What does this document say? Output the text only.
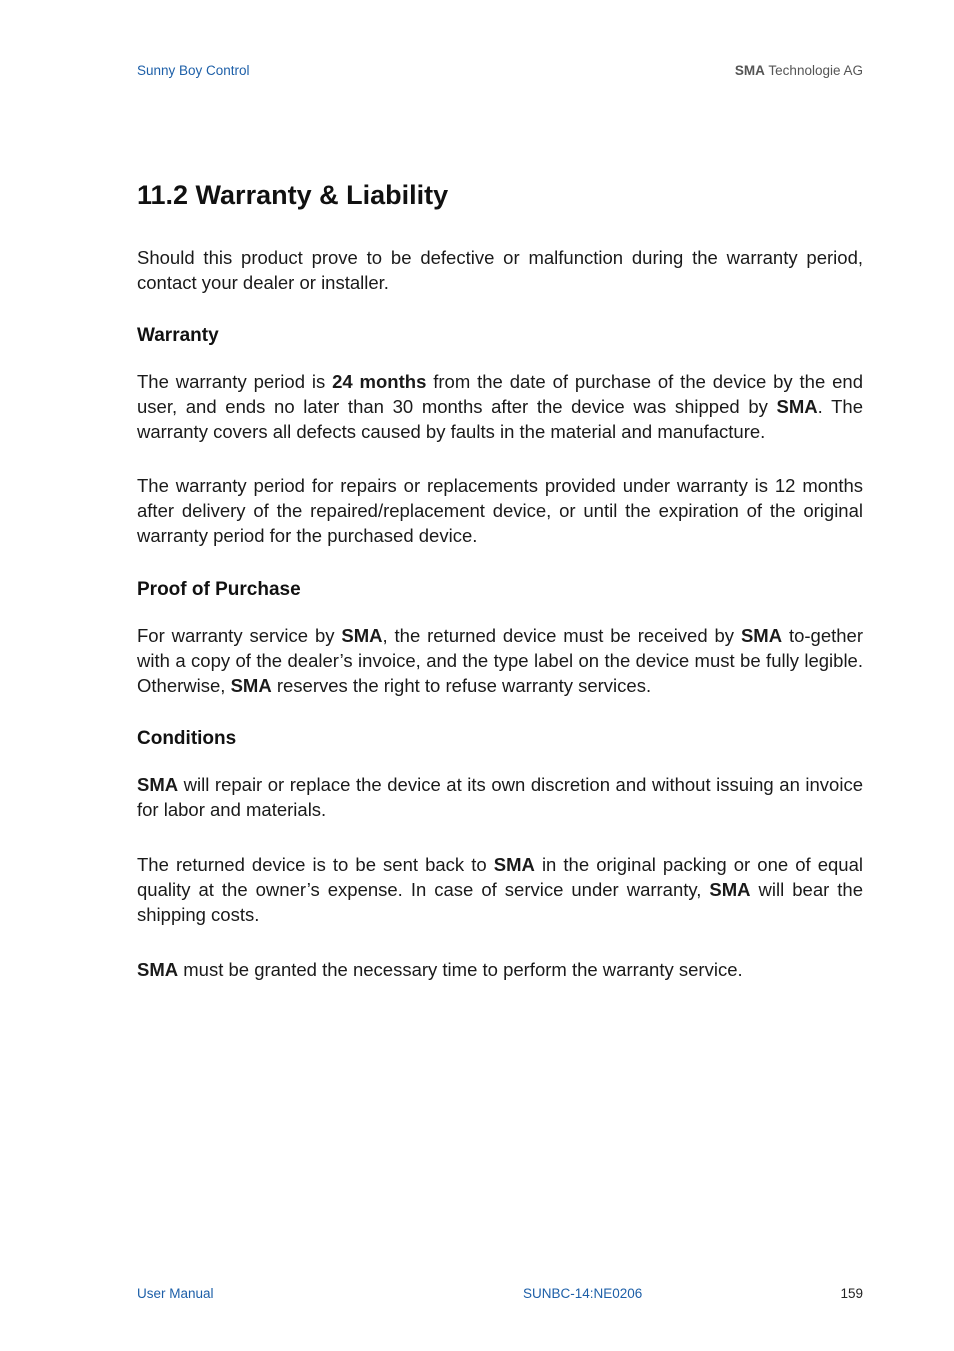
Sunny Boy Control	SMA Technologie AG
11.2 Warranty & Liability

Should this product prove to be defective or malfunction during the warranty period, contact your dealer or installer.

Warranty

The warranty period is 24 months from the date of purchase of the device by the end user, and ends no later than 30 months after the device was shipped by SMA. The warranty covers all defects caused by faults in the material and manufacture.

The warranty period for repairs or replacements provided under warranty is 12 months after delivery of the repaired/replacement device, or until the expiration of the original warranty period for the purchased device.

Proof of Purchase

For warranty service by SMA, the returned device must be received by SMA to-gether with a copy of the dealer’s invoice, and the type label on the device must be fully legible. Otherwise, SMA reserves the right to refuse warranty services.

Conditions

SMA will repair or replace the device at its own discretion and without issuing an invoice for labor and materials.

The returned device is to be sent back to SMA in the original packing or one of equal quality at the owner’s expense. In case of service under warranty, SMA will bear the shipping costs.

SMA must be granted the necessary time to perform the warranty service.

User Manual	SUNBC-14:NE0206	159
